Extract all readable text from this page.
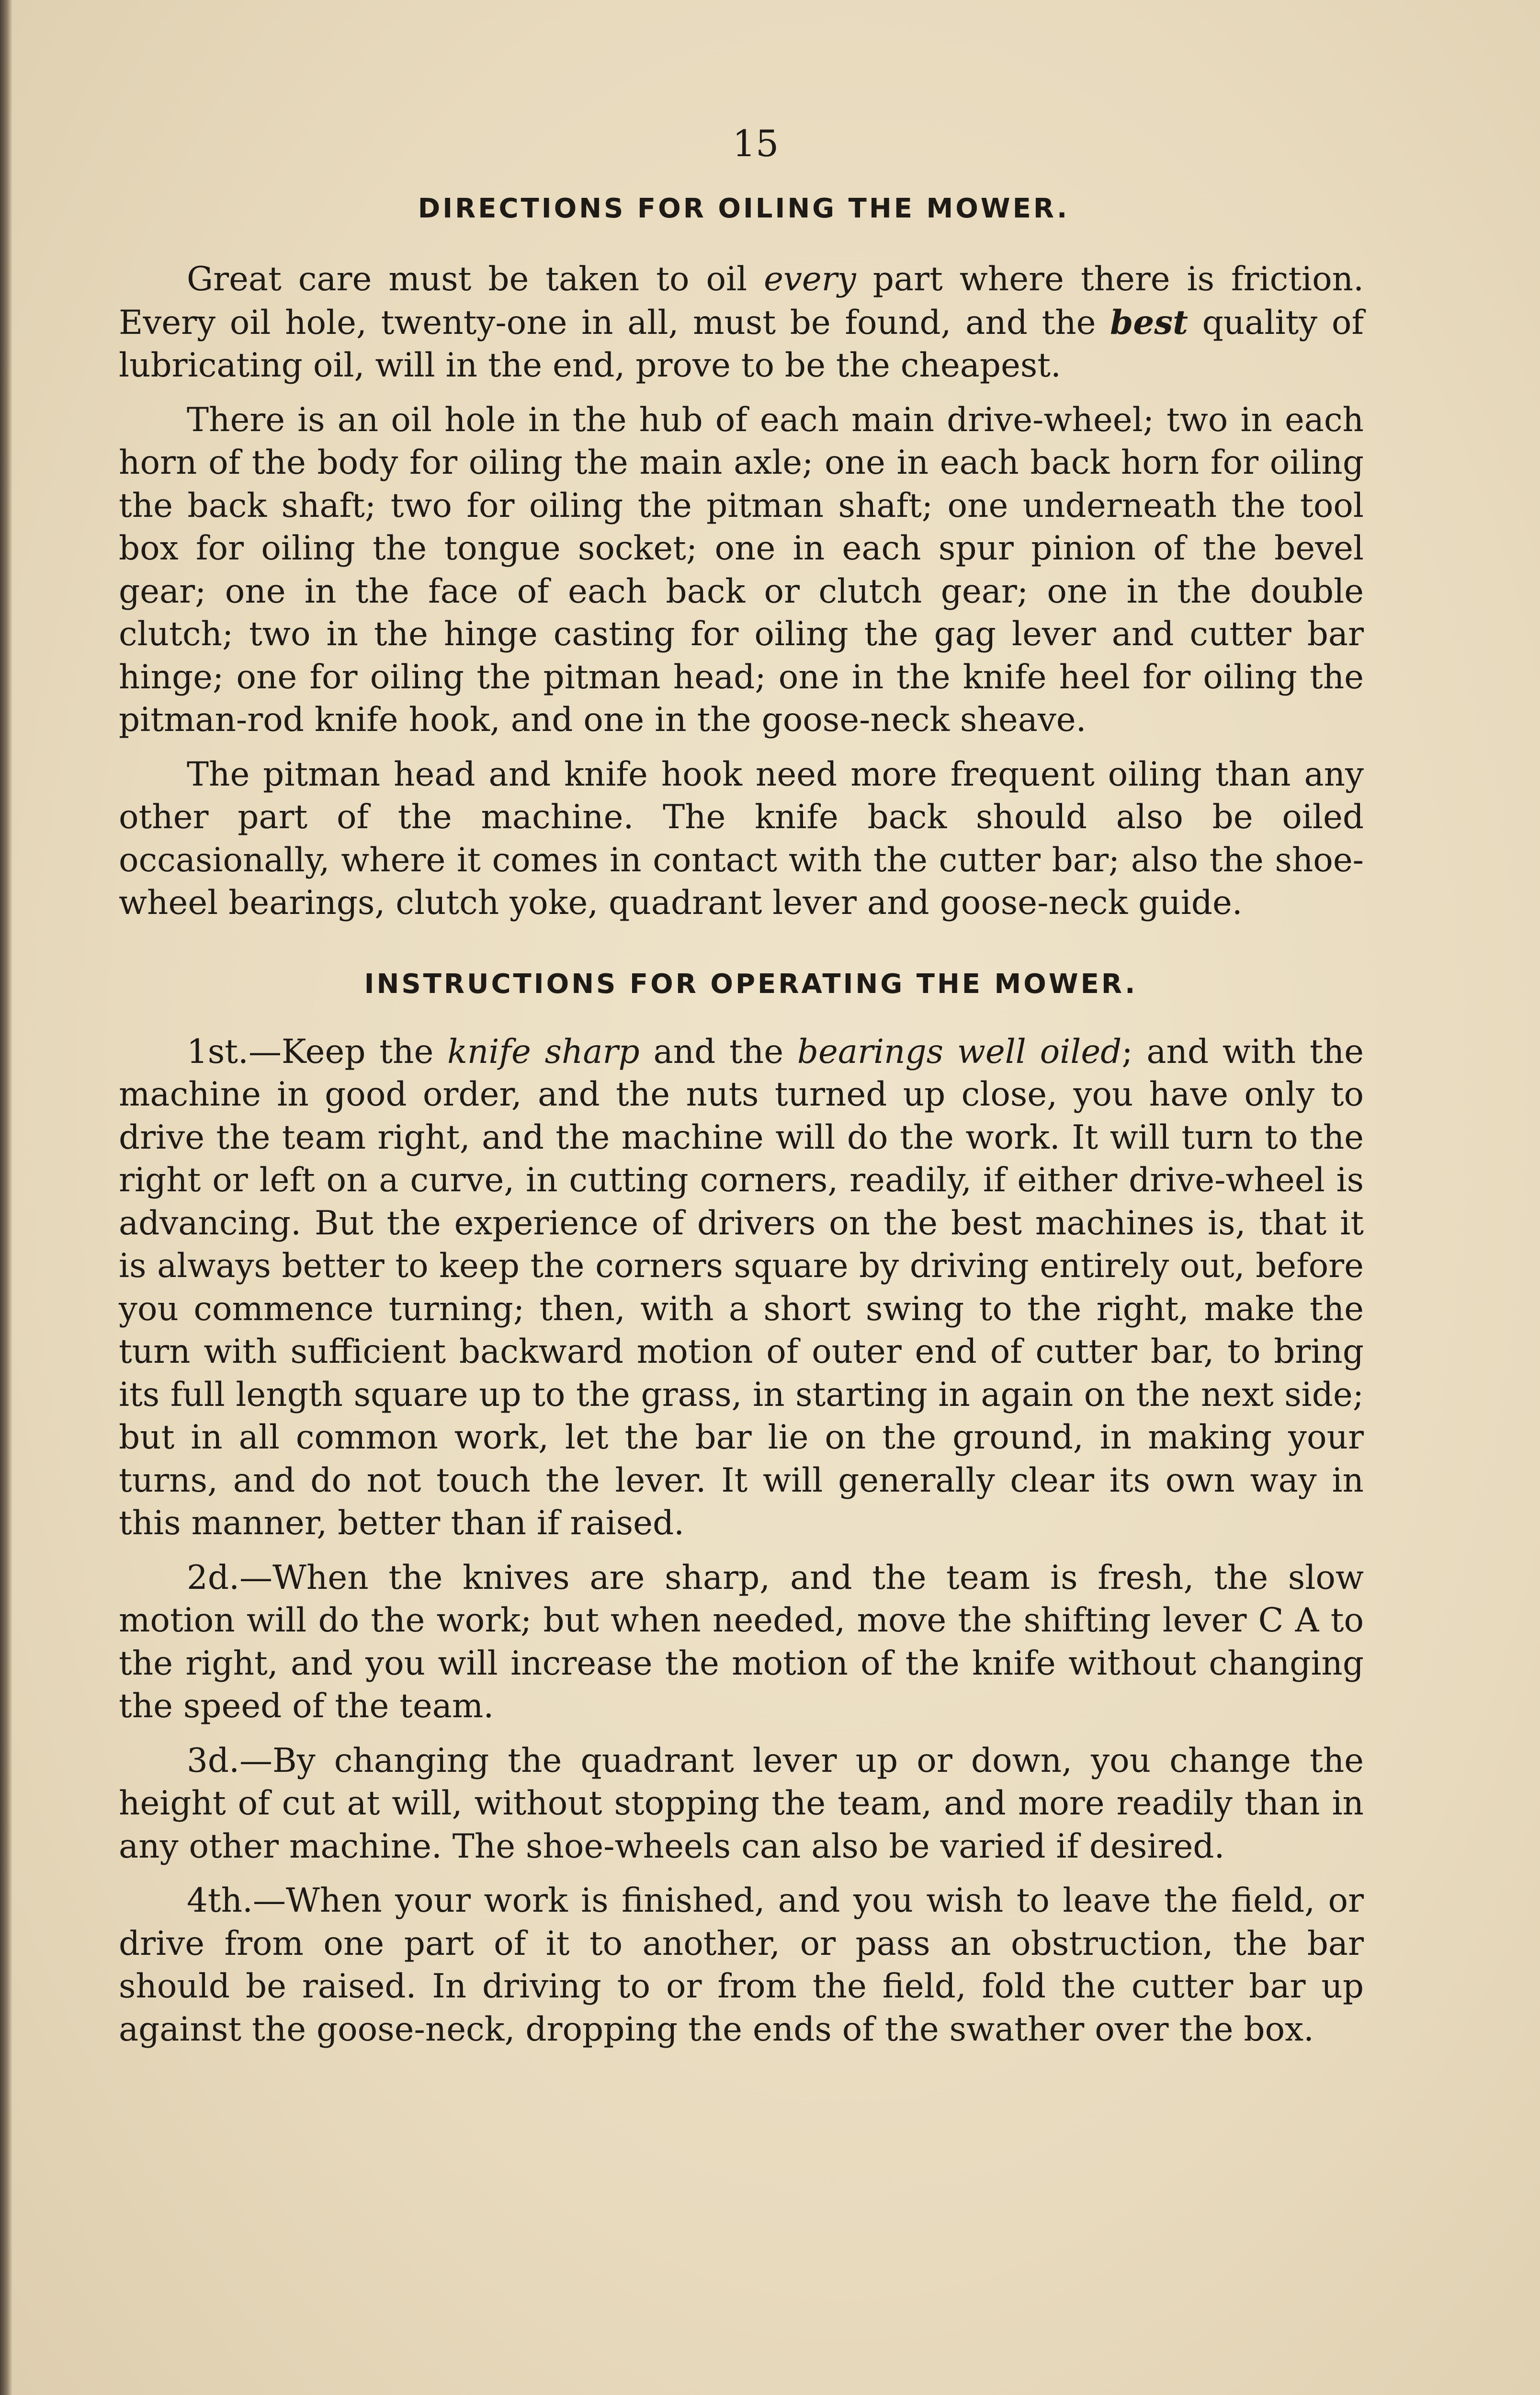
15
DIRECTIONS FOR OILING THE MOWER.

Great care must be taken to oil every part where there is friction. Every oil hole, twenty-one in all, must be found, and the best quality of lubricating oil, will in the end, prove to be the cheapest.

There is an oil hole in the hub of each main drive-wheel; two in each horn of the body for oiling the main axle; one in each back horn for oiling the back shaft; two for oiling the pitman shaft; one underneath the tool box for oiling the tongue socket; one in each spur pinion of the bevel gear; one in the face of each back or clutch gear; one in the double clutch; two in the hinge casting for oiling the gag lever and cutter bar hinge; one for oiling the pitman head; one in the knife heel for oiling the pitman-rod knife hook, and one in the goose-neck sheave.

The pitman head and knife hook need more frequent oiling than any other part of the machine. The knife back should also be oiled occasionally, where it comes in contact with the cutter bar; also the shoe-wheel bearings, clutch yoke, quadrant lever and goose-neck guide.

INSTRUCTIONS FOR OPERATING THE MOWER.

1st.—Keep the knife sharp and the bearings well oiled; and with the machine in good order, and the nuts turned up close, you have only to drive the team right, and the machine will do the work. It will turn to the right or left on a curve, in cutting corners, readily, if either drive-wheel is advancing. But the experience of drivers on the best machines is, that it is always better to keep the corners square by driving entirely out, before you commence turning; then, with a short swing to the right, make the turn with sufficient backward motion of outer end of cutter bar, to bring its full length square up to the grass, in starting in again on the next side; but in all common work, let the bar lie on the ground, in making your turns, and do not touch the lever. It will generally clear its own way in this manner, better than if raised.

2d.—When the knives are sharp, and the team is fresh, the slow motion will do the work; but when needed, move the shifting lever C A to the right, and you will increase the motion of the knife without changing the speed of the team.

3d.—By changing the quadrant lever up or down, you change the height of cut at will, without stopping the team, and more readily than in any other machine. The shoe-wheels can also be varied if desired.

4th.—When your work is finished, and you wish to leave the field, or drive from one part of it to another, or pass an obstruction, the bar should be raised. In driving to or from the field, fold the cutter bar up against the goose-neck, dropping the ends of the swather over the box.
